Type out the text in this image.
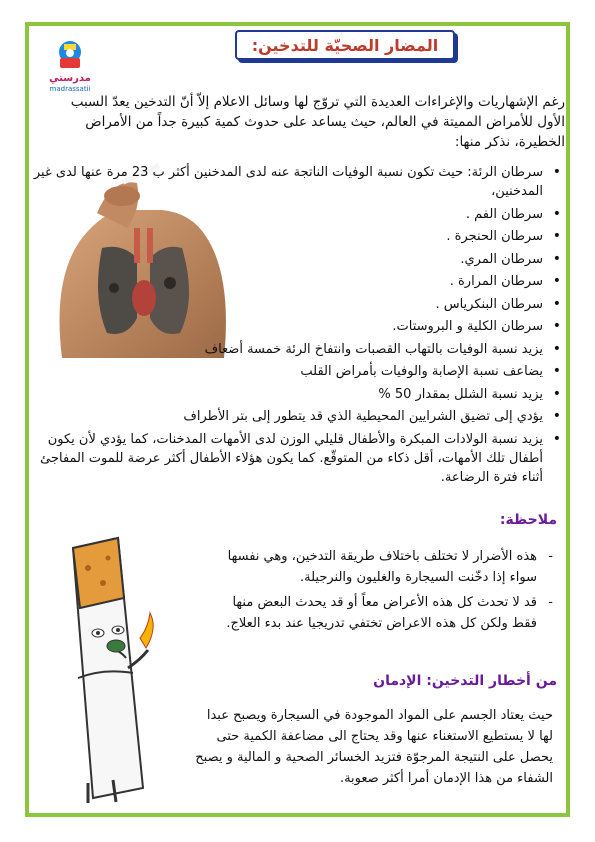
مدرستي
madrassatii
المضار الصحيّة للتدخين:
رغم الإشهاريات والإغراءات العديدة التي تروّج لها وسائل الاعلام إلاّ أنّ التدخين يعدّ السبب الأول للأمراض المميتة في العالم، حيث يساعد على حدوث كمية كبيرة جداً من الأمراض الخطيرة، نذكر منها:
• سرطان الرئة: حيث تكون نسبة الوفيات الناتجة عنه لدى المدخنين أكثر ب 23 مرة عنها لدى غير المدخنين،
• سرطان الفم .
• سرطان الحنجرة .
• سرطان المري.
• سرطان المرارة .
• سرطان البنكرياس .
• سرطان الكلية و البروستات.
• يزيد نسبة الوفيات بالتهاب القصبات وانتفاخ الرئة خمسة أضعاف
• يضاعف نسبة الإصابة والوفيات بأمراض القلب
• يزيد نسبة الشلل بمقدار 50 %
• يؤدي إلى تضيق الشرايين المحيطية الذي قد يتطور إلى بتر الأطراف
• يزيد نسبة الولادات المبكرة والأطفال قليلي الوزن لدى الأمهات المدخنات، كما يؤدي لأن يكون أطفال تلك الأمهات، أقل ذكاء من المتوقّع. كما يكون هؤلاء الأطفال أكثر عرضة للموت المفاجئ أثناء فترة الرضاعة.
ملاحظة:
- هذه الأضرار لا تختلف باختلاف طريقة التدخين، وهي نفسها سواء إذا دخّنت السيجارة والغليون والنرجيلة.
- قد لا تحدث كل هذه الأعراض معاً أو قد يحدث البعض منها فقط ولكن كل هذه الاعراض تختفي تدريجيا عند بدء العلاج.
من أخطار التدخين: الإدمان
حيث يعتاد الجسم على المواد الموجودة في السيجارة ويصبح عبدا لها لا يستطيع الاستغناء عنها وقد يحتاج الى مضاعفة الكمية حتى يحصل على النتيجة المرجوّة فتزيد الخسائر الصحية و المالية و يصبح الشفاء من هذا الإدمان أمرا أكثر صعوبة.
